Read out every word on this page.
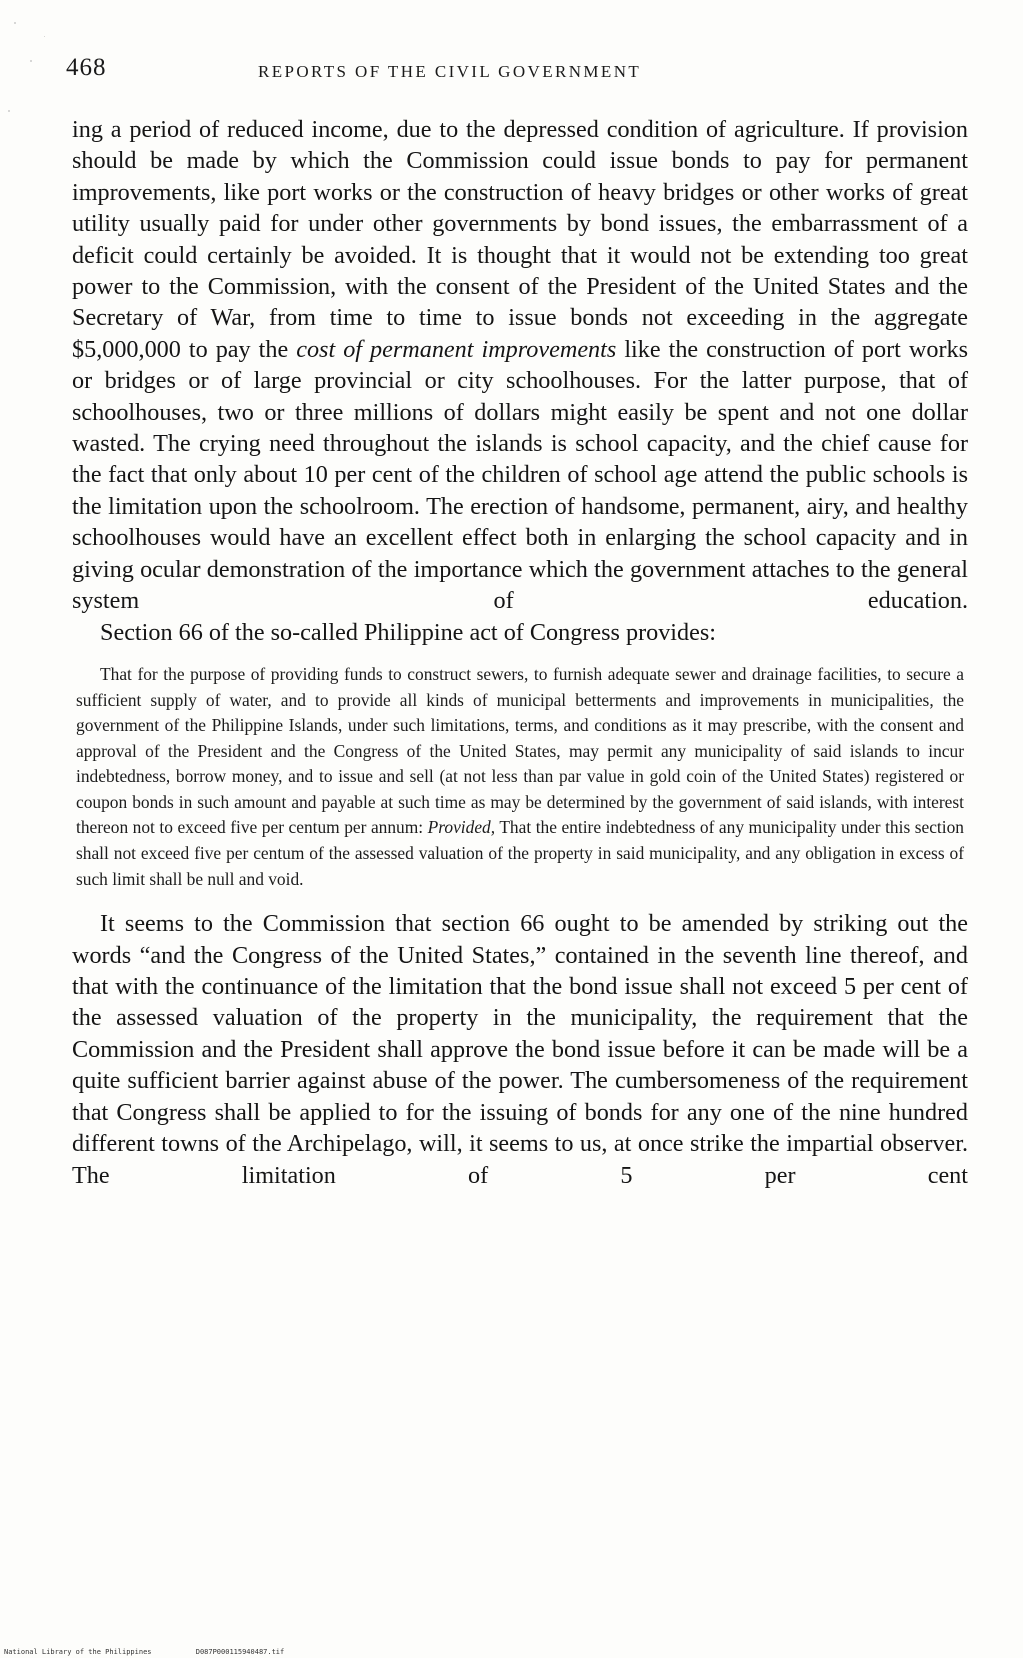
468	REPORTS OF THE CIVIL GOVERNMENT

ing a period of reduced income, due to the depressed condition of agriculture. If provision should be made by which the Commission could issue bonds to pay for permanent improvements, like port works or the construction of heavy bridges or other works of great utility usually paid for under other governments by bond issues, the embarrassment of a deficit could certainly be avoided. It is thought that it would not be extending too great power to the Commission, with the consent of the President of the United States and the Secretary of War, from time to time to issue bonds not exceeding in the aggregate $5,000,000 to pay the cost of permanent improvements like the construction of port works or bridges or of large provincial or city schoolhouses. For the latter purpose, that of schoolhouses, two or three millions of dollars might easily be spent and not one dollar wasted. The crying need throughout the islands is school capacity, and the chief cause for the fact that only about 10 per cent of the children of school age attend the public schools is the limitation upon the schoolroom. The erection of handsome, permanent, airy, and healthy schoolhouses would have an excellent effect both in enlarging the school capacity and in giving ocular demonstration of the importance which the government attaches to the general system of education.

Section 66 of the so-called Philippine act of Congress provides:

That for the purpose of providing funds to construct sewers, to furnish adequate sewer and drainage facilities, to secure a sufficient supply of water, and to provide all kinds of municipal betterments and improvements in municipalities, the government of the Philippine Islands, under such limitations, terms, and conditions as it may prescribe, with the consent and approval of the President and the Congress of the United States, may permit any municipality of said islands to incur indebtedness, borrow money, and to issue and sell (at not less than par value in gold coin of the United States) registered or coupon bonds in such amount and payable at such time as may be determined by the government of said islands, with interest thereon not to exceed five per centum per annum: Provided, That the entire indebtedness of any municipality under this section shall not exceed five per centum of the assessed valuation of the property in said municipality, and any obligation in excess of such limit shall be null and void.

It seems to the Commission that section 66 ought to be amended by striking out the words “and the Congress of the United States,” contained in the seventh line thereof, and that with the continuance of the limitation that the bond issue shall not exceed 5 per cent of the assessed valuation of the property in the municipality, the requirement that the Commission and the President shall approve the bond issue before it can be made will be a quite sufficient barrier against abuse of the power. The cumbersomeness of the requirement that Congress shall be applied to for the issuing of bonds for any one of the nine hundred different towns of the Archipelago, will, it seems to us, at once strike the impartial observer. The limitation of 5 per cent

National Library of the Philippines	D087P000115940487.tif
